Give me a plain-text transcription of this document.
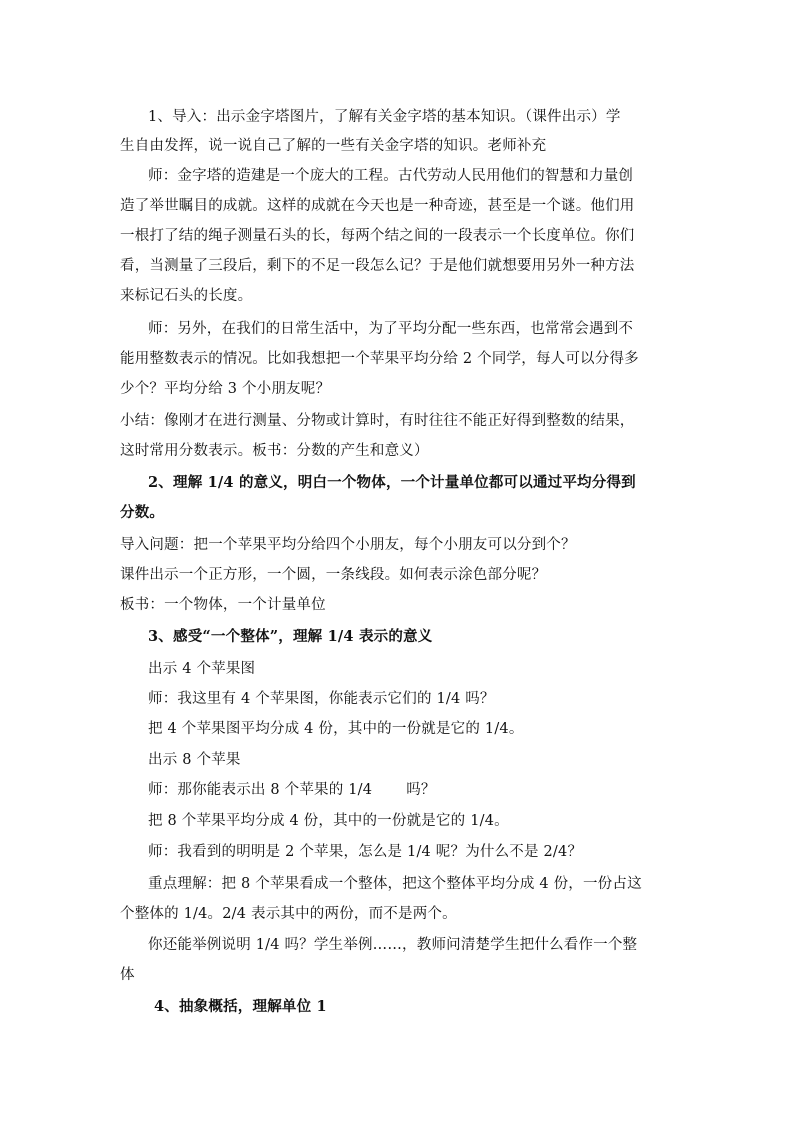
1、导入：出示金字塔图片，了解有关金字塔的基本知识。（课件出示）学
生自由发挥，说一说自己了解的一些有关金字塔的知识。老师补充
师：金字塔的造建是一个庞大的工程。古代劳动人民用他们的智慧和力量创
造了举世瞩目的成就。这样的成就在今天也是一种奇迹，甚至是一个谜。他们用
一根打了结的绳子测量石头的长，每两个结之间的一段表示一个长度单位。你们
看，当测量了三段后，剩下的不足一段怎么记？于是他们就想要用另外一种方法
来标记石头的长度。
师：另外，在我们的日常生活中，为了平均分配一些东西，也常常会遇到不
能用整数表示的情况。比如我想把一个苹果平均分给 2 个同学，每人可以分得多
少个？平均分给 3 个小朋友呢？
小结：像刚才在进行测量、分物或计算时，有时往往不能正好得到整数的结果，
这时常用分数表示。板书：分数的产生和意义）
2、理解 1/4 的意义，明白一个物体，一个计量单位都可以通过平均分得到
分数。
导入问题：把一个苹果平均分给四个小朋友，每个小朋友可以分到个？
课件出示一个正方形，一个圆，一条线段。如何表示涂色部分呢？
板书：一个物体，一个计量单位
3、感受“一个整体”，理解 1/4 表示的意义
出示 4 个苹果图
师：我这里有 4 个苹果图，你能表示它们的 1/4 吗？
把 4 个苹果图平均分成 4 份，其中的一份就是它的 1/4。
出示 8 个苹果
师：那你能表示出 8 个苹果的 1/4 吗？
把 8 个苹果平均分成 4 份，其中的一份就是它的 1/4。
师：我看到的明明是 2 个苹果，怎么是 1/4 呢？为什么不是 2/4？
重点理解：把 8 个苹果看成一个整体，把这个整体平均分成 4 份，一份占这
个整体的 1/4。2/4 表示其中的两份，而不是两个。
你还能举例说明 1/4 吗？学生举例……，教师问清楚学生把什么看作一个整
体
4、抽象概括，理解单位 1
